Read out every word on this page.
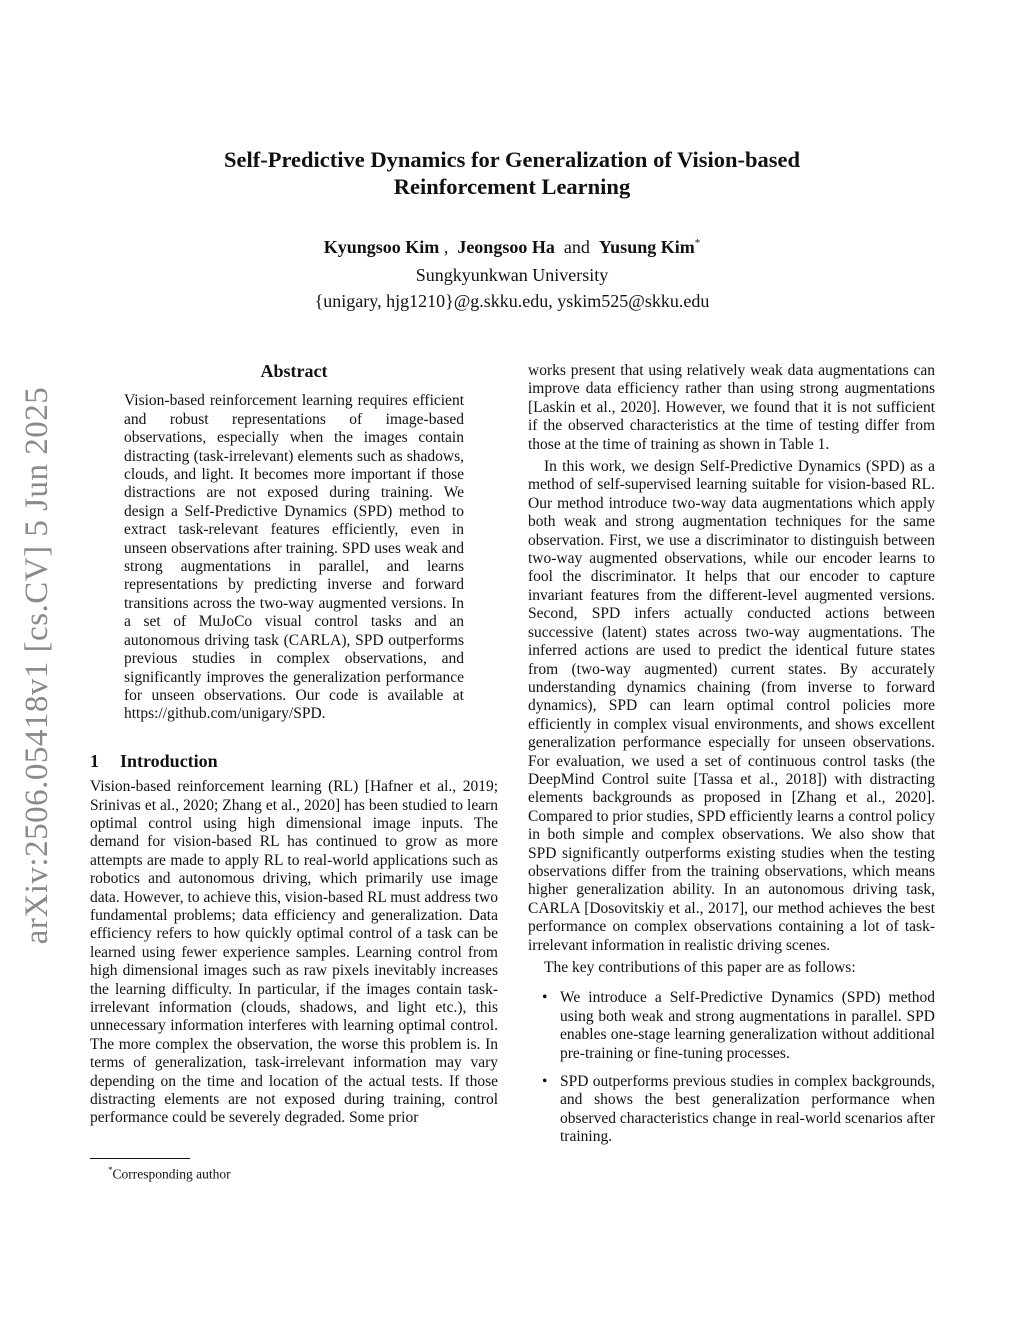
arXiv:2506.05418v1 [cs.CV] 5 Jun 2025
Self-Predictive Dynamics for Generalization of Vision-based
Reinforcement Learning
Kyungsoo Kim ,  Jeongsoo Ha  and  Yusung Kim*
Sungkyunkwan University
{unigary, hjg1210}@g.skku.edu, yskim525@skku.edu
Abstract

Vision-based reinforcement learning requires efficient and robust representations of image-based observations, especially when the images contain distracting (task-irrelevant) elements such as shadows, clouds, and light. It becomes more important if those distractions are not exposed during training. We design a Self-Predictive Dynamics (SPD) method to extract task-relevant features efficiently, even in unseen observations after training. SPD uses weak and strong augmentations in parallel, and learns representations by predicting inverse and forward transitions across the two-way augmented versions. In a set of MuJoCo visual control tasks and an autonomous driving task (CARLA), SPD outperforms previous studies in complex observations, and significantly improves the generalization performance for unseen observations. Our code is available at https://github.com/unigary/SPD.

1 Introduction

Vision-based reinforcement learning (RL) [Hafner et al., 2019; Srinivas et al., 2020; Zhang et al., 2020] has been studied to learn optimal control using high dimensional image inputs. The demand for vision-based RL has continued to grow as more attempts are made to apply RL to real-world applications such as robotics and autonomous driving, which primarily use image data. However, to achieve this, vision-based RL must address two fundamental problems; data efficiency and generalization. Data efficiency refers to how quickly optimal control of a task can be learned using fewer experience samples. Learning control from high dimensional images such as raw pixels inevitably increases the learning difficulty. In particular, if the images contain task-irrelevant information (clouds, shadows, and light etc.), this unnecessary information interferes with learning optimal control. The more complex the observation, the worse this problem is. In terms of generalization, task-irrelevant information may vary depending on the time and location of the actual tests. If those distracting elements are not exposed during training, control performance could be severely degraded. Some prior

works present that using relatively weak data augmentations can improve data efficiency rather than using strong augmentations [Laskin et al., 2020]. However, we found that it is not sufficient if the observed characteristics at the time of testing differ from those at the time of training as shown in Table 1.

In this work, we design Self-Predictive Dynamics (SPD) as a method of self-supervised learning suitable for vision-based RL. Our method introduce two-way data augmentations which apply both weak and strong augmentation techniques for the same observation. First, we use a discriminator to distinguish between two-way augmented observations, while our encoder learns to fool the discriminator. It helps that our encoder to capture invariant features from the different-level augmented versions. Second, SPD infers actually conducted actions between successive (latent) states across two-way augmentations. The inferred actions are used to predict the identical future states from (two-way augmented) current states. By accurately understanding dynamics chaining (from inverse to forward dynamics), SPD can learn optimal control policies more efficiently in complex visual environments, and shows excellent generalization performance especially for unseen observations. For evaluation, we used a set of continuous control tasks (the DeepMind Control suite [Tassa et al., 2018]) with distracting elements backgrounds as proposed in [Zhang et al., 2020]. Compared to prior studies, SPD efficiently learns a control policy in both simple and complex observations. We also show that SPD significantly outperforms existing studies when the testing observations differ from the training observations, which means higher generalization ability. In an autonomous driving task, CARLA [Dosovitskiy et al., 2017], our method achieves the best performance on complex observations containing a lot of task-irrelevant information in realistic driving scenes.

The key contributions of this paper are as follows:

• We introduce a Self-Predictive Dynamics (SPD) method using both weak and strong augmentations in parallel. SPD enables one-stage learning generalization without additional pre-training or fine-tuning processes.
• SPD outperforms previous studies in complex backgrounds, and shows the best generalization performance when observed characteristics change in real-world scenarios after training.
*Corresponding author
